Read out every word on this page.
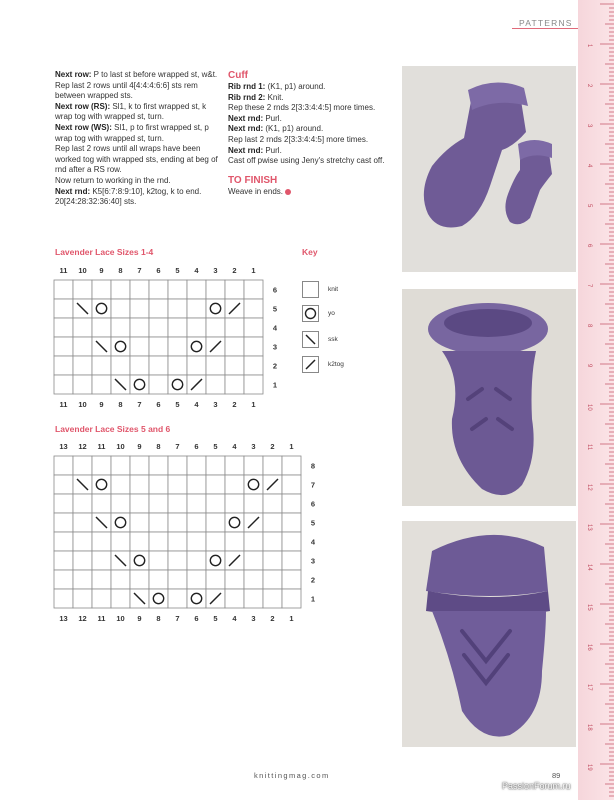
PATTERNS

Next row: P to last st before wrapped st, w&t.

Rep last 2 rows until 4[4:4:4:6:6] sts rem between wrapped sts.

Next row (RS): Sl1, k to first wrapped st, k wrap tog with wrapped st, turn.

Next row (WS): Sl1, p to first wrapped st, p wrap tog with wrapped st, turn.

Rep last 2 rows until all wraps have been worked tog with wrapped sts, ending at beg of rnd after a RS row.

Now return to working in the rnd.

Next rnd: K5[6:7:8:9:10], k2tog, k to end. 20[24:28:32:36:40] sts.

Cuff

Rib rnd 1: (K1, p1) around.

Rib rnd 2: Knit.

Rep these 2 rnds 2[3:3:4:4:5] more times.

Next rnd: Purl.

Next rnd: (K1, p1) around.

Rep last 2 rnds 2[3:3:4:4:5] more times.

Next rnd: Purl.

Cast off pwise using Jeny's stretchy cast off.

TO FINISH

Weave in ends.

Lavender Lace Sizes 1-4
Lavender Lace Sizes 5 and 6
11 10 9 8 7 6 5 4 3 2 1
6
5
4
3
2
1
11 10 9 8 7 6 5 4 3 2 1
13 12 11 10 9 8 7 6 5 4 3 2 1
8
7
6
5
4
3
2
1
13 12 11 10 9 8 7 6 5 4 3 2 1
Key
knit
yo
ssk
k2tog
1
2
3
4
5
6
7
8
9
10
11
12
13
14
15
16
17
18
19
knittingmag.com	89
PassionForum.ru
